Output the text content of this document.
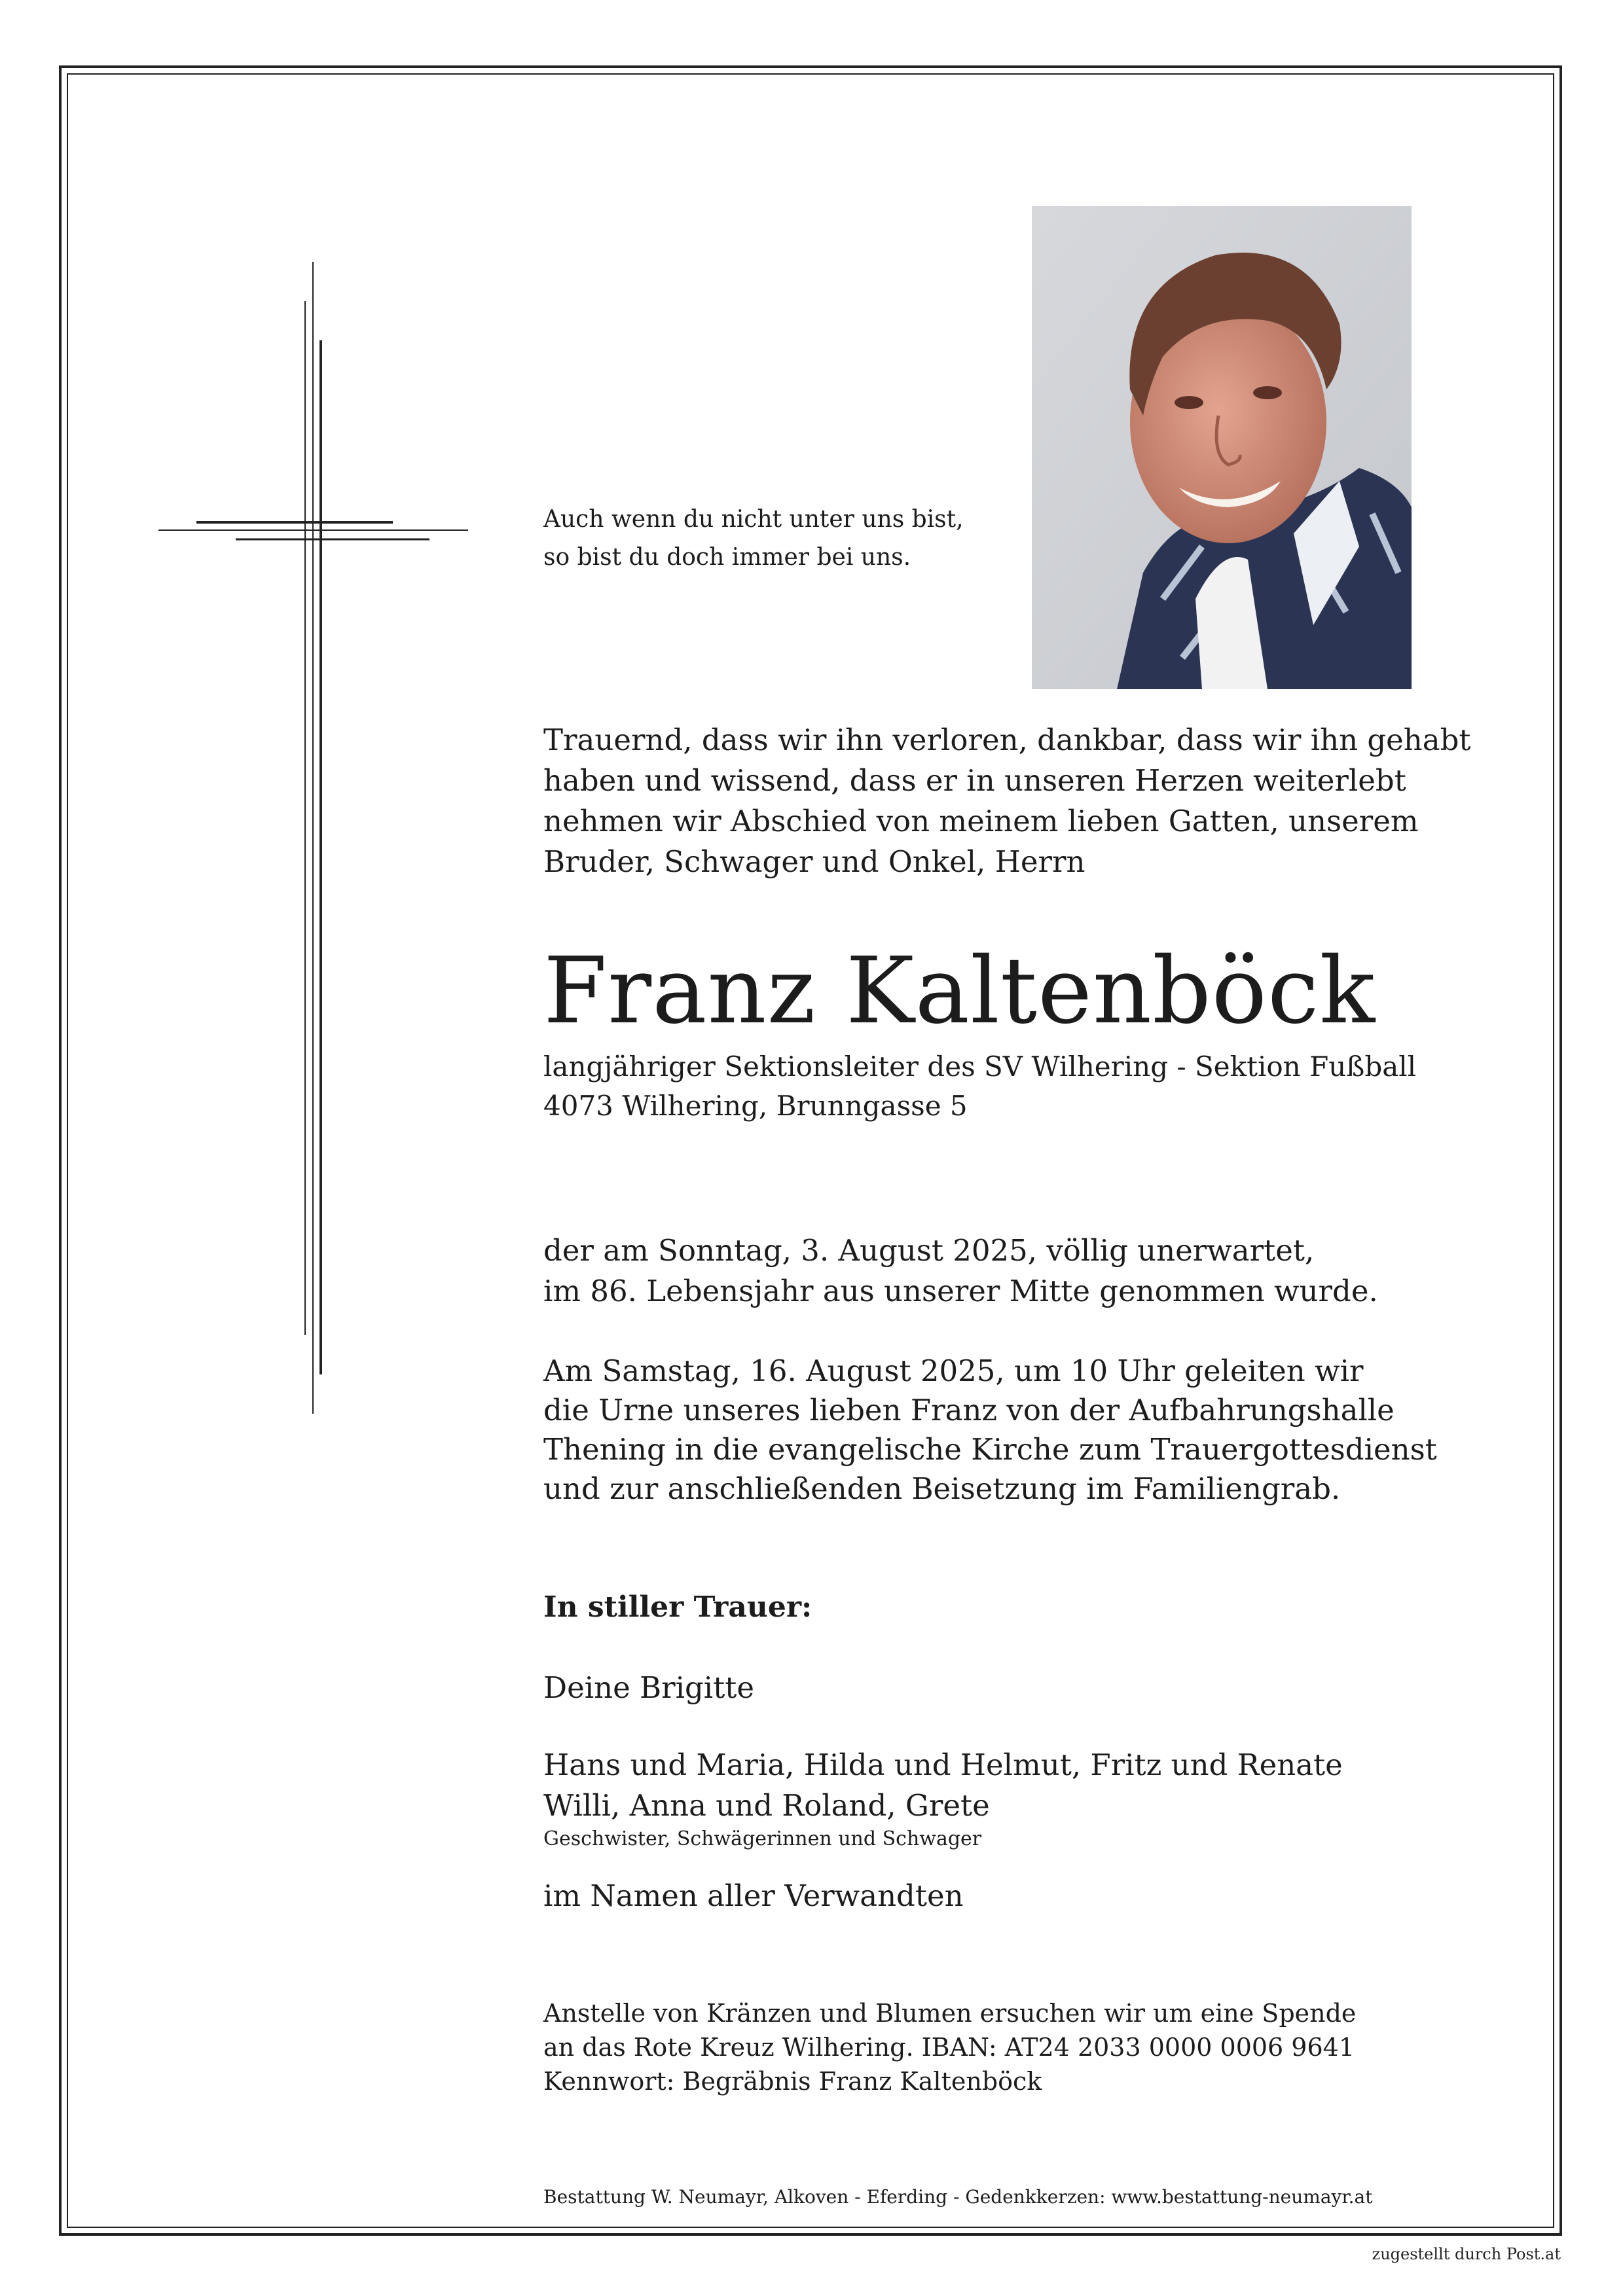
Auch wenn du nicht unter uns bist,
so bist du doch immer bei uns.
Trauernd, dass wir ihn verloren, dankbar, dass wir ihn gehabt
haben und wissend, dass er in unseren Herzen weiterlebt
nehmen wir Abschied von meinem lieben Gatten, unserem
Bruder, Schwager und Onkel, Herrn
Franz Kaltenböck
langjähriger Sektionsleiter des SV Wilhering - Sektion Fußball
4073 Wilhering, Brunngasse 5
der am Sonntag, 3. August 2025, völlig unerwartet,
im 86. Lebensjahr aus unserer Mitte genommen wurde.
Am Samstag, 16. August 2025, um 10 Uhr geleiten wir
die Urne unseres lieben Franz von der Aufbahrungshalle
Thening in die evangelische Kirche zum Trauergottesdienst
und zur anschließenden Beisetzung im Familiengrab.
In stiller Trauer:
Deine Brigitte
Hans und Maria, Hilda und Helmut, Fritz und Renate
Willi, Anna und Roland, Grete
Geschwister, Schwägerinnen und Schwager
im Namen aller Verwandten
Anstelle von Kränzen und Blumen ersuchen wir um eine Spende
an das Rote Kreuz Wilhering. IBAN: AT24 2033 0000 0006 9641
Kennwort: Begräbnis Franz Kaltenböck
Bestattung W. Neumayr, Alkoven - Eferding - Gedenkkerzen: www.bestattung-neumayr.at
zugestellt durch Post.at
